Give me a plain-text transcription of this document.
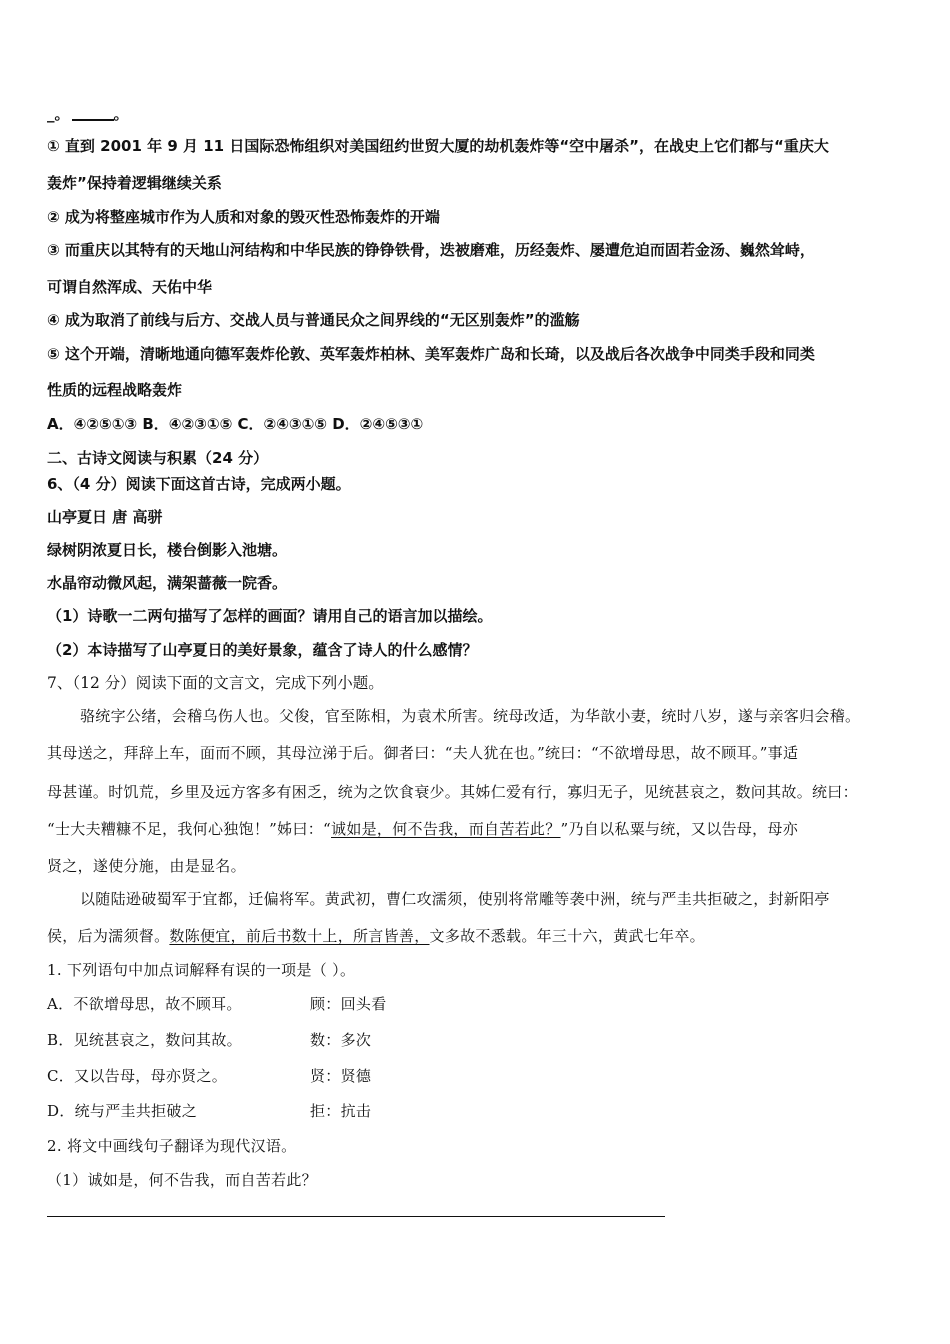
_。	。
① 直到 2001 年 9 月 11 日国际恐怖组织对美国纽约世贸大厦的劫机轰炸等“空中屠杀”，在战史上它们都与“重庆大
轰炸”保持着逻辑继续关系
② 成为将整座城市作为人质和对象的毁灭性恐怖轰炸的开端
③ 而重庆以其特有的天地山河结构和中华民族的铮铮铁骨，迭被磨难，历经轰炸、屡遭危迫而固若金汤、巍然耸峙，
可谓自然浑成、天佑中华
④ 成为取消了前线与后方、交战人员与普通民众之间界线的“无区别轰炸”的滥觞
⑤ 这个开端，清晰地通向德军轰炸伦敦、英军轰炸柏林、美军轰炸广岛和长琦，以及战后各次战争中同类手段和同类
性质的远程战略轰炸
A．④②⑤①③ B．④②③①⑤ C．②④③①⑤ D．②④⑤③①
二、古诗文阅读与积累（24 分）
6、（4 分）阅读下面这首古诗，完成两小题。
山亭夏日 唐 高骈
绿树阴浓夏日长，楼台倒影入池塘。
水晶帘动微风起，满架蔷薇一院香。
（1）诗歌一二两句描写了怎样的画面？请用自己的语言加以描绘。
（2）本诗描写了山亭夏日的美好景象，蕴含了诗人的什么感情？
7、（12 分）阅读下面的文言文，完成下列小题。
骆统字公绪，会稽乌伤人也。父俊，官至陈相，为袁术所害。统母改适，为华歆小妻，统时八岁，遂与亲客归会稽。
其母送之，拜辞上车，面而不顾，其母泣涕于后。御者曰：“夫人犹在也。”统曰：“不欲增母思，故不顾耳。”事适
母甚谨。时饥荒，乡里及远方客多有困乏，统为之饮食衰少。其姊仁爱有行，寡归无子，见统甚哀之，数问其故。统曰：
“士大夫糟糠不足，我何心独饱！”姊曰：“诚如是，何不告我，而自苦若此？”乃自以私粟与统，又以告母，母亦
贤之，遂使分施，由是显名。
以随陆逊破蜀军于宜都，迁偏将军。黄武初，曹仁攻濡须，使别将常雕等袭中洲，统与严圭共拒破之，封新阳亭
侯，后为濡须督。数陈便宜，前后书数十上，所言皆善，文多故不悉载。年三十六，黄武七年卒。
1. 下列语句中加点词解释有误的一项是（ ）。
A．不欲增母思，故不顾耳。	顾：回头看
B．见统甚哀之，数问其故。	数：多次
C．又以告母，母亦贤之。	贤：贤德
D．统与严圭共拒破之	拒：抗击
2. 将文中画线句子翻译为现代汉语。
（1）诚如是，何不告我，而自苦若此？
